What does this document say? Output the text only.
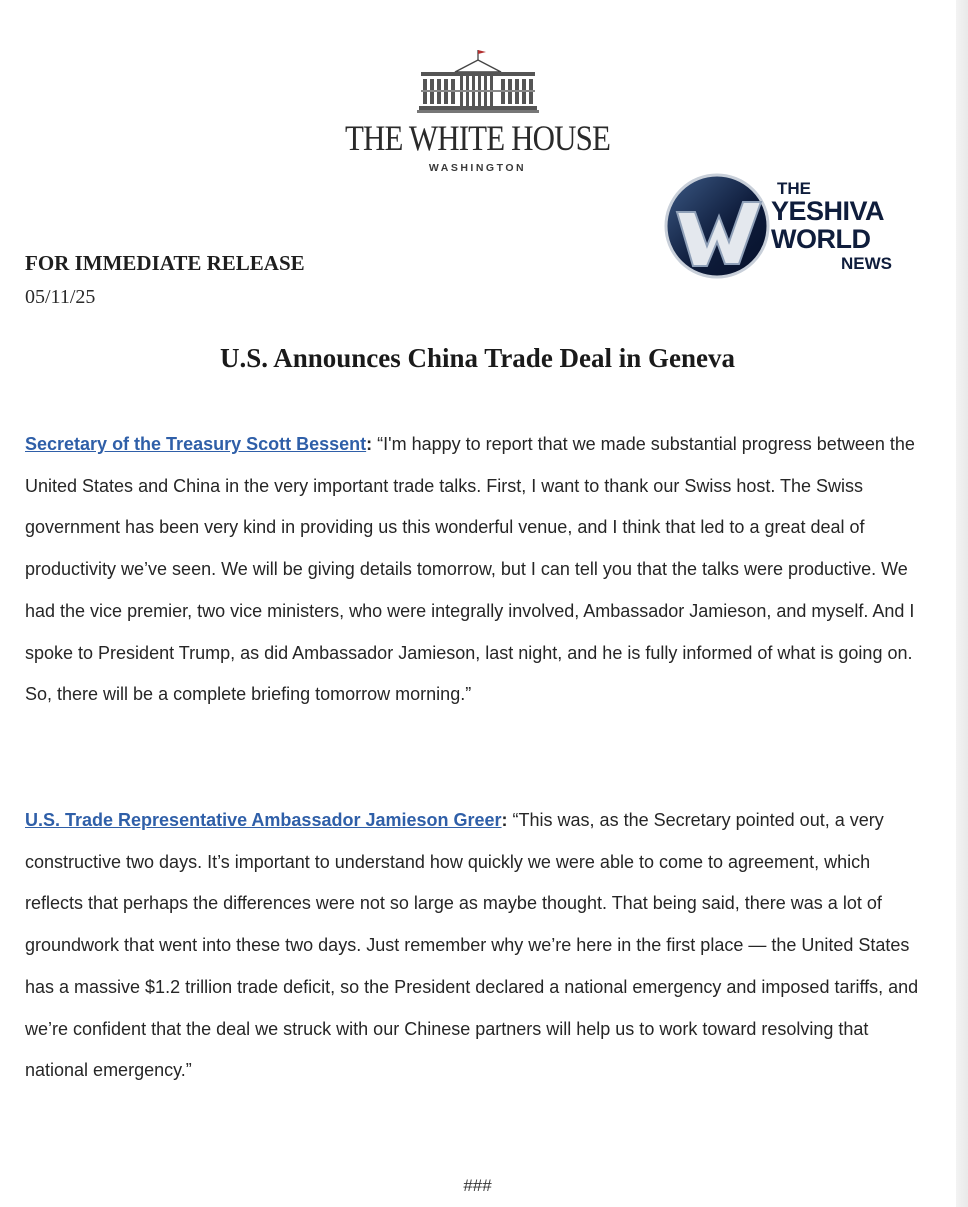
THE WHITE HOUSE
WASHINGTON
THE
YESHIVA
WORLD
NEWS
FOR IMMEDIATE RELEASE
05/11/25
U.S. Announces China Trade Deal in Geneva

Secretary of the Treasury Scott Bessent: “I'm happy to report that we made substantial progress between the United States and China in the very important trade talks. First, I want to thank our Swiss host. The Swiss government has been very kind in providing us this wonderful venue, and I think that led to a great deal of productivity we’ve seen. We will be giving details tomorrow, but I can tell you that the talks were productive. We had the vice premier, two vice ministers, who were integrally involved, Ambassador Jamieson, and myself. And I spoke to President Trump, as did Ambassador Jamieson, last night, and he is fully informed of what is going on. So, there will be a complete briefing tomorrow morning.”

U.S. Trade Representative Ambassador Jamieson Greer: “This was, as the Secretary pointed out, a very constructive two days. It’s important to understand how quickly we were able to come to agreement, which reflects that perhaps the differences were not so large as maybe thought. That being said, there was a lot of groundwork that went into these two days. Just remember why we’re here in the first place — the United States has a massive $1.2 trillion trade deficit, so the President declared a national emergency and imposed tariffs, and we’re confident that the deal we struck with our Chinese partners will help us to work toward resolving that national emergency.”

###
